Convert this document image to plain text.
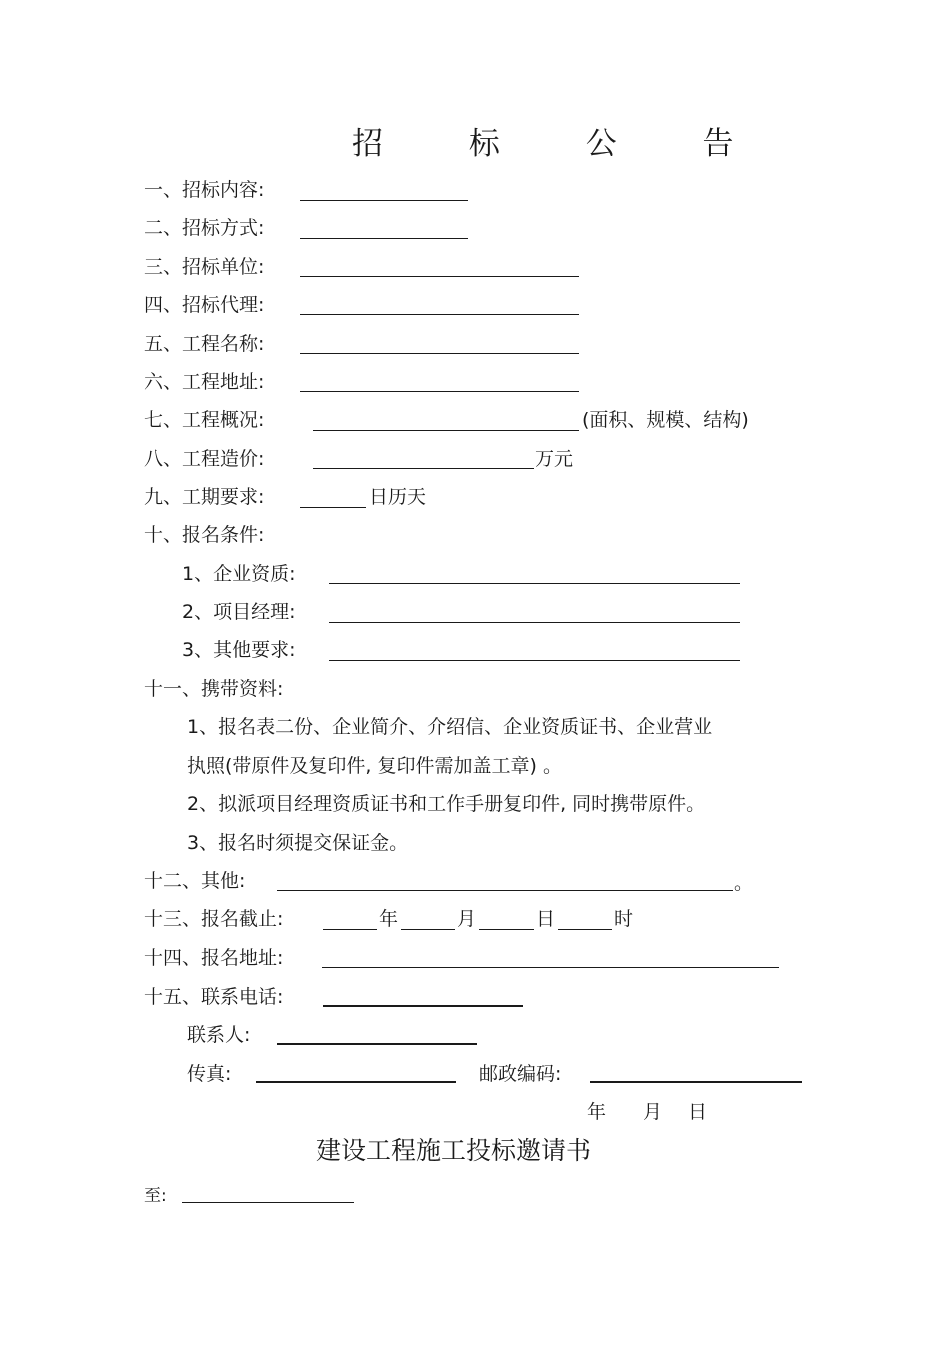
招 标 公 告
一、招标内容:
二、招标方式:
三、招标单位:
四、招标代理:
五、工程名称:
六、工程地址:
七、工程概况:	(面积、规模、结构)
八、工程造价:	万元
九、工期要求:	日历天
十、报名条件:
1、企业资质:
2、项目经理:
3、其他要求:
十一、携带资料:
1、报名表二份、企业简介、介绍信、企业资质证书、企业营业
执照(带原件及复印件, 复印件需加盖工章) 。
2、拟派项目经理资质证书和工作手册复印件, 同时携带原件。
3、报名时须提交保证金。
十二、其他:	。
十三、报名截止:	年	月	日	时
十四、报名地址:
十五、联系电话:
联系人:
传真:	邮政编码:
年 月 日
建设工程施工投标邀请书
至:
